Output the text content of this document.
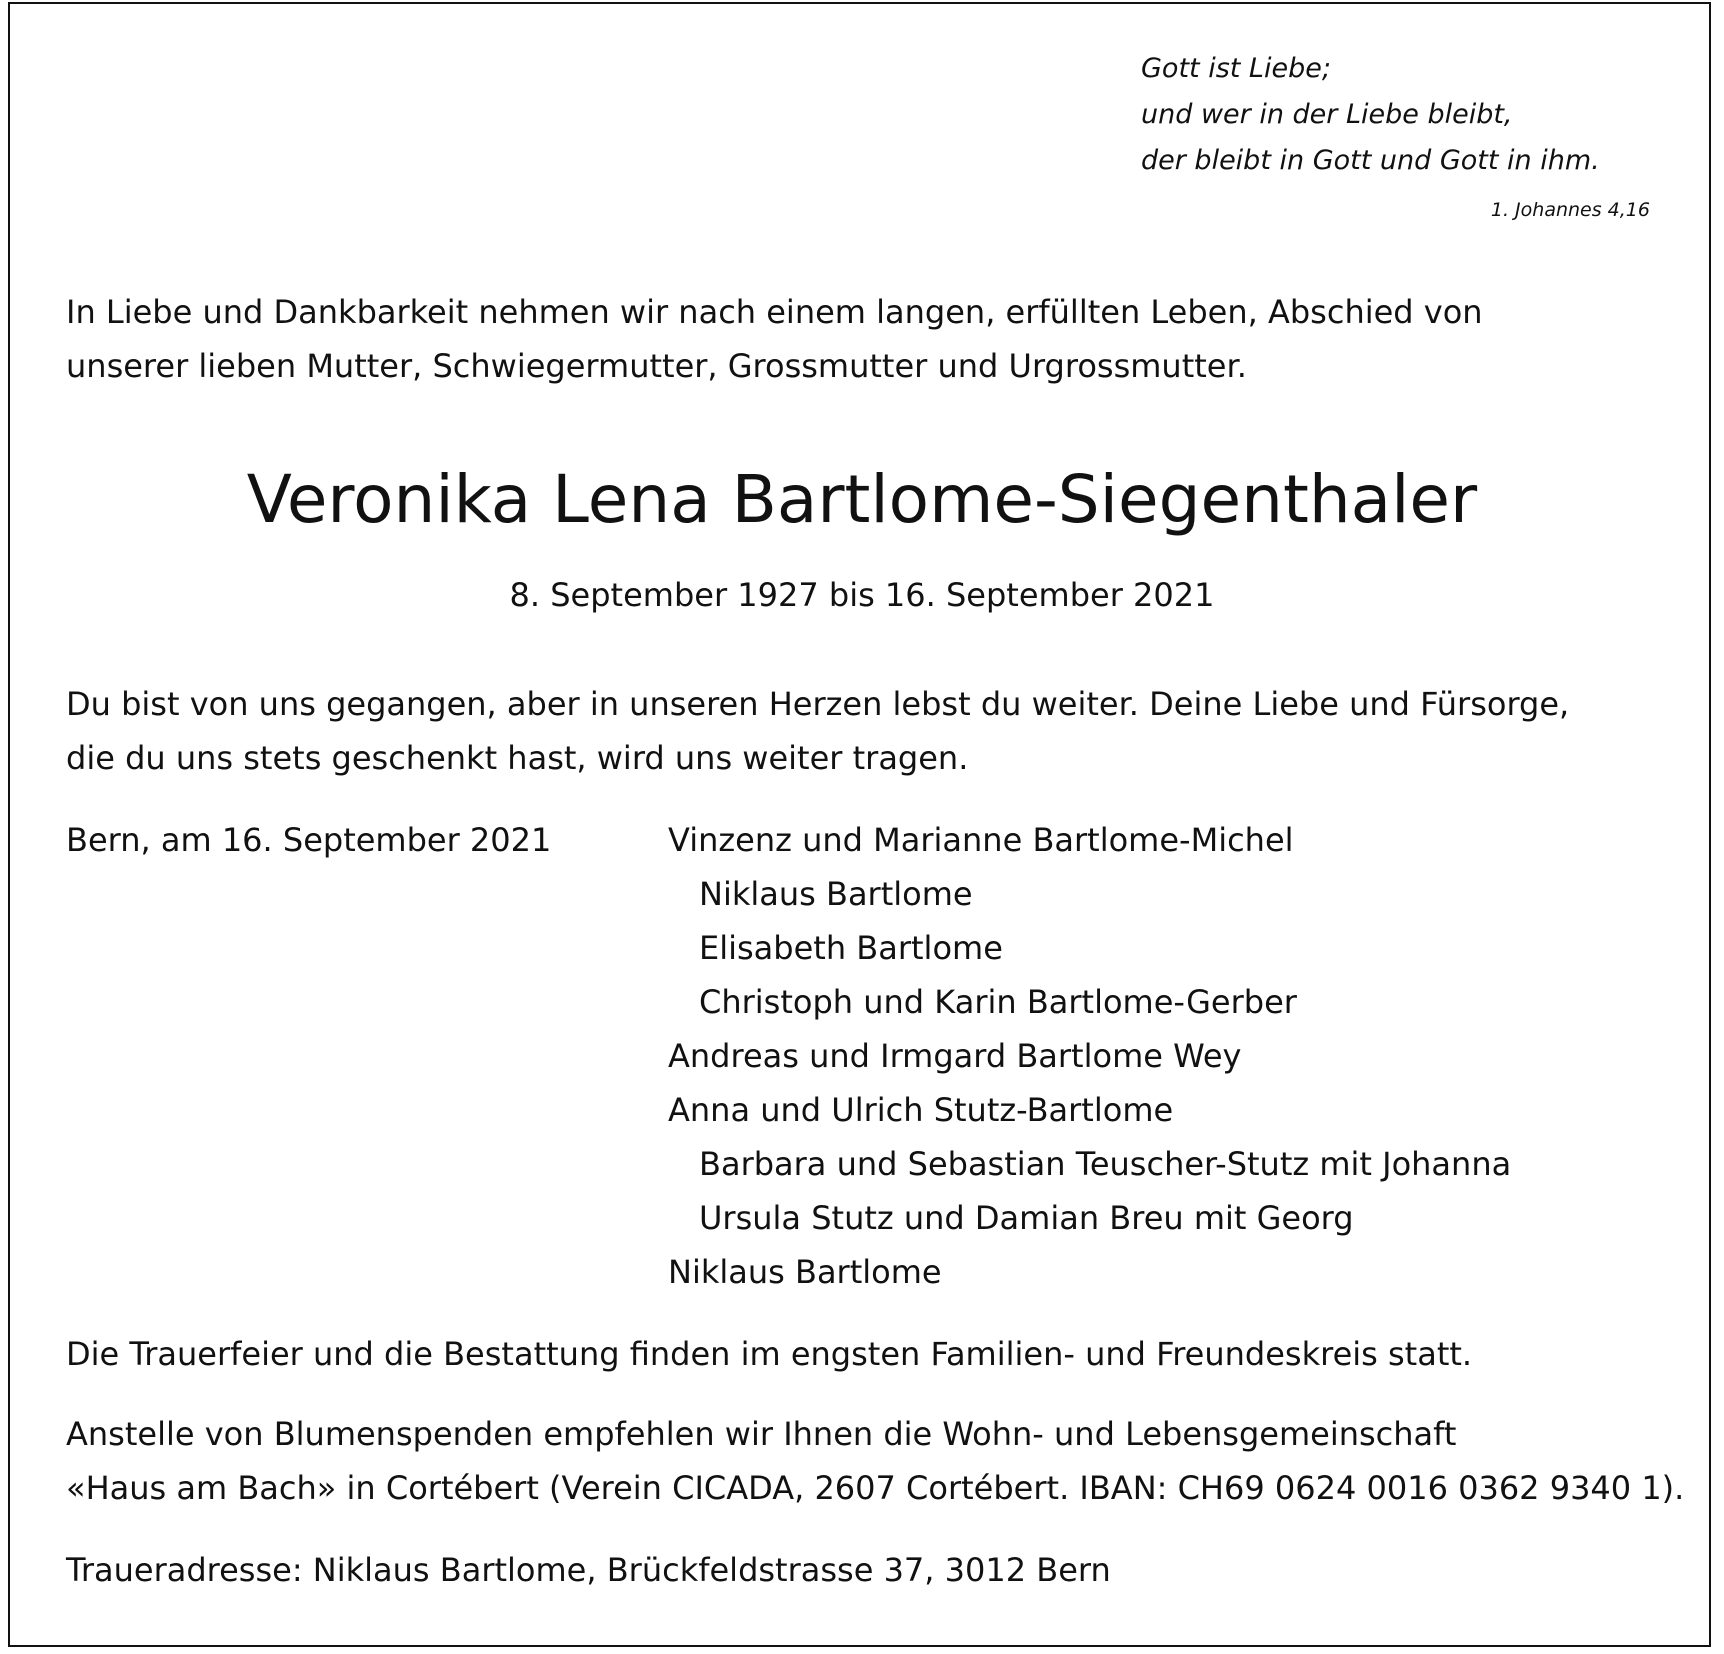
Gott ist Liebe;
und wer in der Liebe bleibt,
der bleibt in Gott und Gott in ihm.
1. Johannes 4,16
In Liebe und Dankbarkeit nehmen wir nach einem langen, erfüllten Leben, Abschied von
unserer lieben Mutter, Schwiegermutter, Grossmutter und Urgrossmutter.
Veronika Lena Bartlome-Siegenthaler
8. September 1927 bis 16. September 2021
Du bist von uns gegangen, aber in unseren Herzen lebst du weiter. Deine Liebe und Fürsorge,
die du uns stets geschenkt hast, wird uns weiter tragen.
Bern, am 16. September 2021	Vinzenz und Marianne Bartlome-Michel
Niklaus Bartlome
Elisabeth Bartlome
Christoph und Karin Bartlome-Gerber
Andreas und Irmgard Bartlome Wey
Anna und Ulrich Stutz-Bartlome
Barbara und Sebastian Teuscher-Stutz mit Johanna
Ursula Stutz und Damian Breu mit Georg
Niklaus Bartlome
Die Trauerfeier und die Bestattung finden im engsten Familien- und Freundeskreis statt.
Anstelle von Blumenspenden empfehlen wir Ihnen die Wohn- und Lebensgemeinschaft
«Haus am Bach» in Cortébert (Verein CICADA, 2607 Cortébert. IBAN: CH69 0624 0016 0362 9340 1).
Traueradresse: Niklaus Bartlome, Brückfeldstrasse 37, 3012 Bern
